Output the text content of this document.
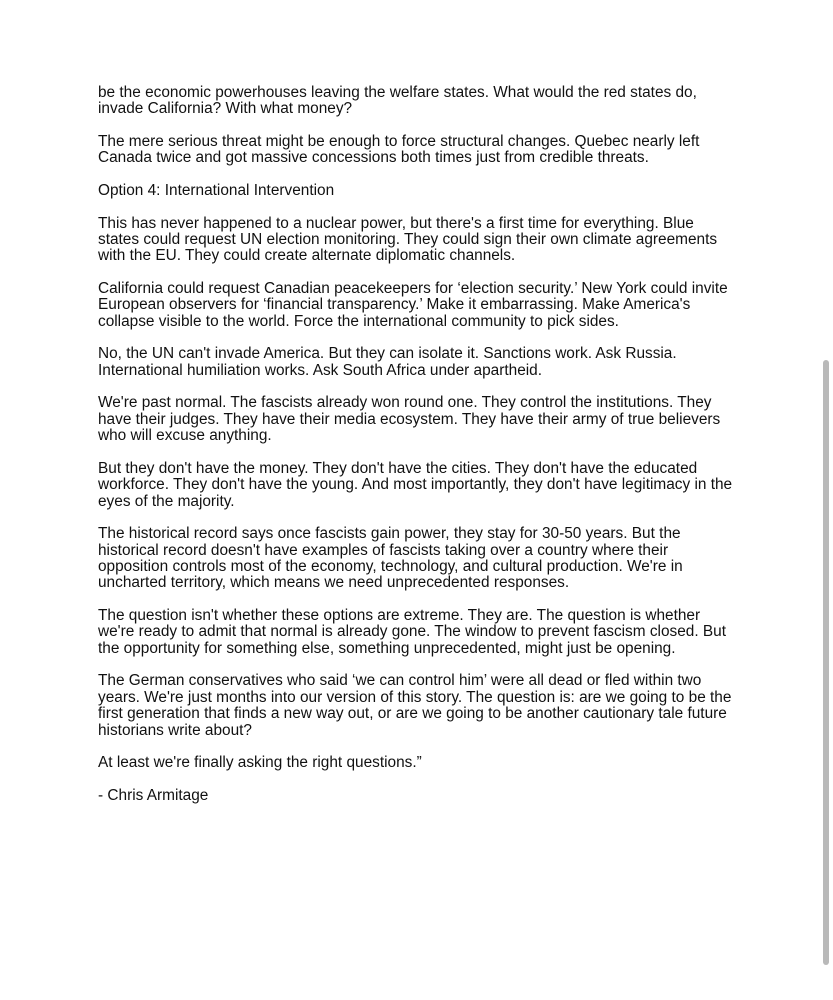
be the economic powerhouses leaving the welfare states. What would the red states do, invade California? With what money?

The mere serious threat might be enough to force structural changes. Quebec nearly left Canada twice and got massive concessions both times just from credible threats.

Option 4: International Intervention

This has never happened to a nuclear power, but there's a first time for everything. Blue states could request UN election monitoring. They could sign their own climate agreements with the EU. They could create alternate diplomatic channels.

California could request Canadian peacekeepers for ‘election security.’ New York could invite European observers for ‘financial transparency.’ Make it embarrassing. Make America's collapse visible to the world. Force the international community to pick sides.

No, the UN can't invade America. But they can isolate it. Sanctions work. Ask Russia. International humiliation works. Ask South Africa under apartheid.

We're past normal. The fascists already won round one. They control the institutions. They have their judges. They have their media ecosystem. They have their army of true believers who will excuse anything.

But they don't have the money. They don't have the cities. They don't have the educated workforce. They don't have the young. And most importantly, they don't have legitimacy in the eyes of the majority.

The historical record says once fascists gain power, they stay for 30-50 years. But the historical record doesn't have examples of fascists taking over a country where their opposition controls most of the economy, technology, and cultural production. We're in uncharted territory, which means we need unprecedented responses.

The question isn't whether these options are extreme. They are. The question is whether we're ready to admit that normal is already gone. The window to prevent fascism closed. But the opportunity for something else, something unprecedented, might just be opening.

The German conservatives who said ‘we can control him’ were all dead or fled within two years. We're just months into our version of this story. The question is: are we going to be the first generation that finds a new way out, or are we going to be another cautionary tale future historians write about?

At least we're finally asking the right questions.”

- Chris Armitage
